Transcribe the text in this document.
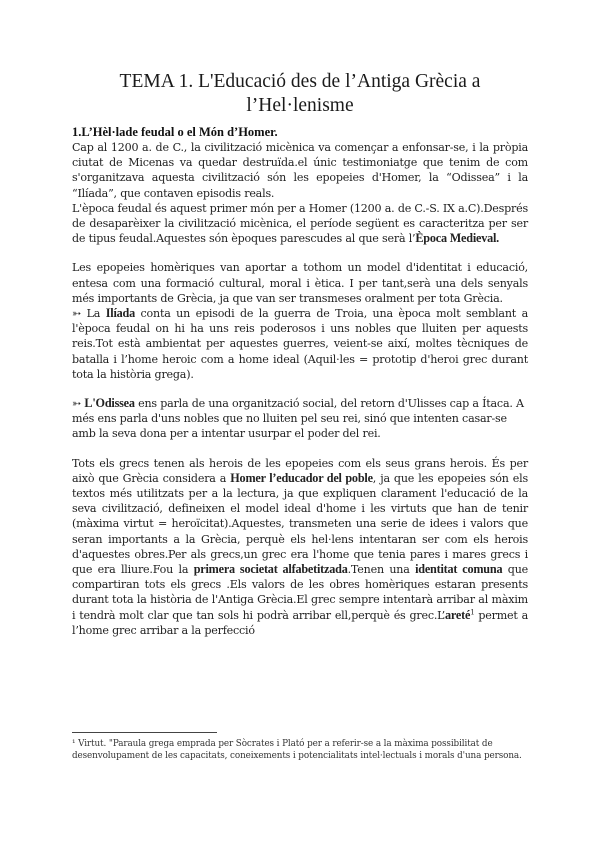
TEMA 1. L'Educació des de l’Antiga Grècia a l’Hel·lenisme
1.L’Hèl·lade feudal o el Món d’Homer.

Cap al 1200 a. de C., la civilització micènica va començar a enfonsar-se, i la pròpia ciutat de Micenas va quedar destruïda.el únic testimoniatge que tenim de com s'organitzava aquesta civilització són les epopeies d'Homer, la “Odissea” i la “Ilíada”, que contaven episodis reals.

L'època feudal és aquest primer món per a Homer (1200 a. de C.-S. IX a.C).Després de desaparèixer la civilització micènica, el període següent es caracteritza per ser de tipus feudal.Aquestes són èpoques parescudes al que serà l’Època Medieval.

Les epopeies homèriques van aportar a tothom un model d'identitat i educació, entesa com una formació cultural, moral i ètica. I per tant,serà una dels senyals més importants de Grècia, ja que van ser transmeses oralment per tota Grècia.

➳ La Ilíada conta un episodi de la guerra de Troia, una època molt semblant a l'època feudal on hi ha uns reis poderosos i uns nobles que lluiten per aquests reis.Tot està ambientat per aquestes guerres, veient-se així, moltes tècniques de batalla i l’home heroic com a home ideal (Aquil·les = prototip d'heroi grec durant tota la història grega).

➳ L'Odissea ens parla de una organització social, del retorn d'Ulisses cap a Ítaca. A més ens parla d'uns nobles que no lluiten pel seu rei, sinó que intenten casar-se amb la seva dona per a intentar usurpar el poder del rei.

Tots els grecs tenen als herois de les epopeies com els seus grans herois. És per això que Grècia considera a Homer l’educador del poble, ja que les epopeies són els textos més utilitzats per a la lectura, ja que expliquen clarament l'educació de la seva civilització, defineixen el model ideal d'home i les virtuts que han de tenir (màxima virtut = heroïcitat).Aquestes, transmeten una serie de idees i valors que seran importants a la Grècia, perquè els hel·lens intentaran ser com els herois d'aquestes obres.Per als grecs,un grec era l'home que tenia pares i mares grecs i que era lliure.Fou la primera societat alfabetitzada.Tenen una identitat comuna que compartiran tots els grecs .Els valors de les obres homèriques estaran presents durant tota la història de l'Antiga Grècia.El grec sempre intentarà arribar al màxim i tendrà molt clar que tan sols hi podrà arribar ell,perquè és grec.L’areté$^1$ permet a l’home grec arribar a la perfecció

¹ Virtut. "Paraula grega emprada per Sòcrates i Plató per a referir-se a la màxima possibilitat de desenvolupament de les capacitats, coneixements i potencialitats intel·lectuals i morals d'una persona.
